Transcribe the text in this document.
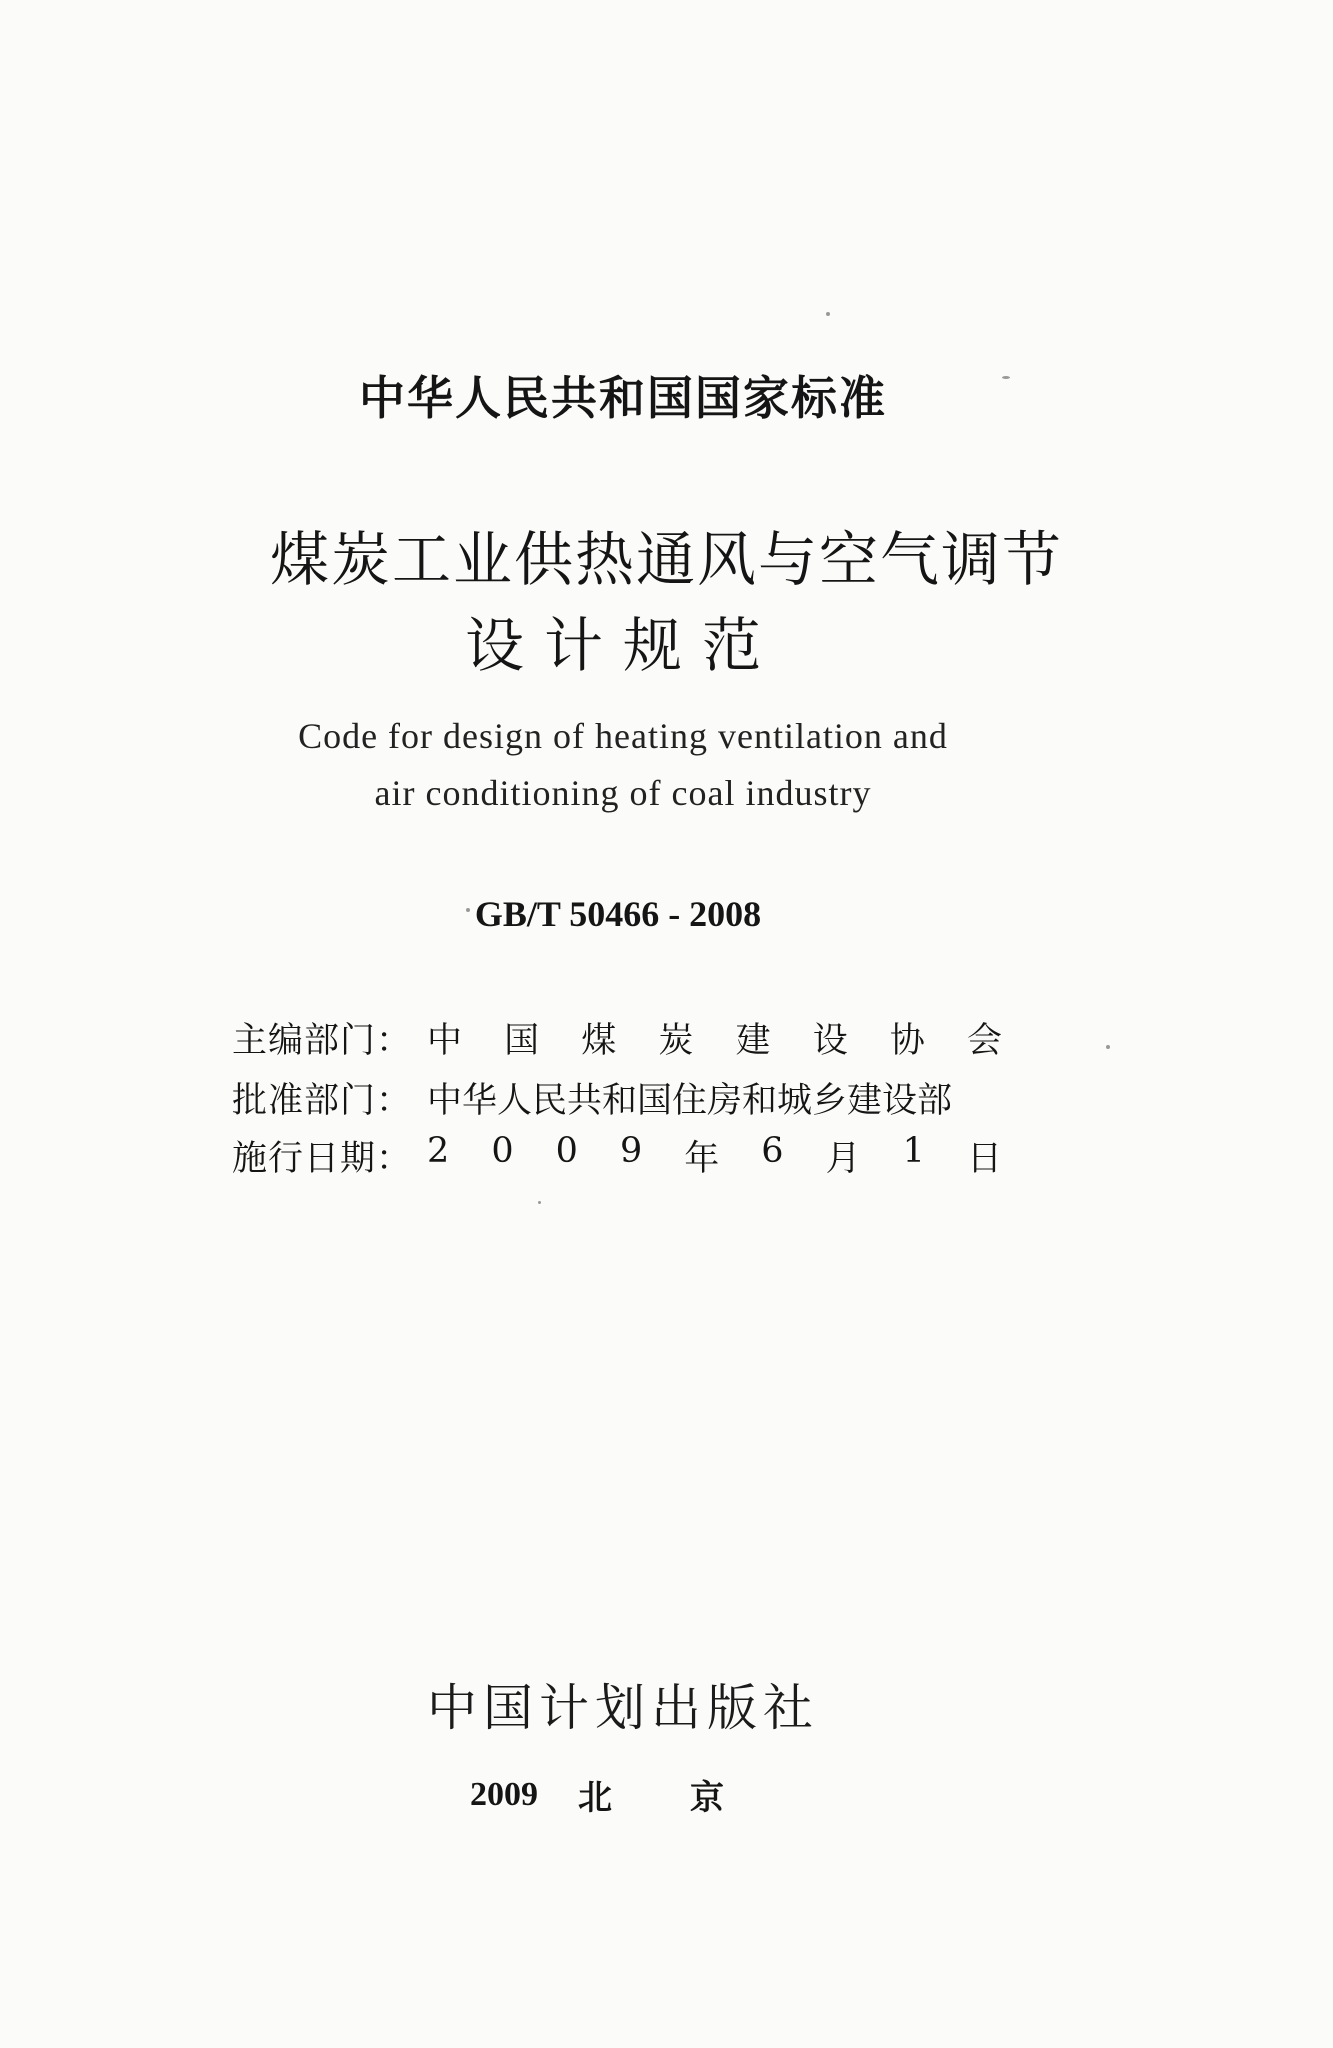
中华人民共和国国家标准
煤炭工业供热通风与空气调节
设计规范
Code for design of heating ventilation and
air conditioning of coal industry
GB/T 50466 - 2008
主编部门： 中 国 煤 炭 建 设 协 会
批准部门： 中华人民共和国住房和城乡建设部
施行日期： 2 0 0 9 年 6 月 1 日
中国计划出版社
2009 北	京
